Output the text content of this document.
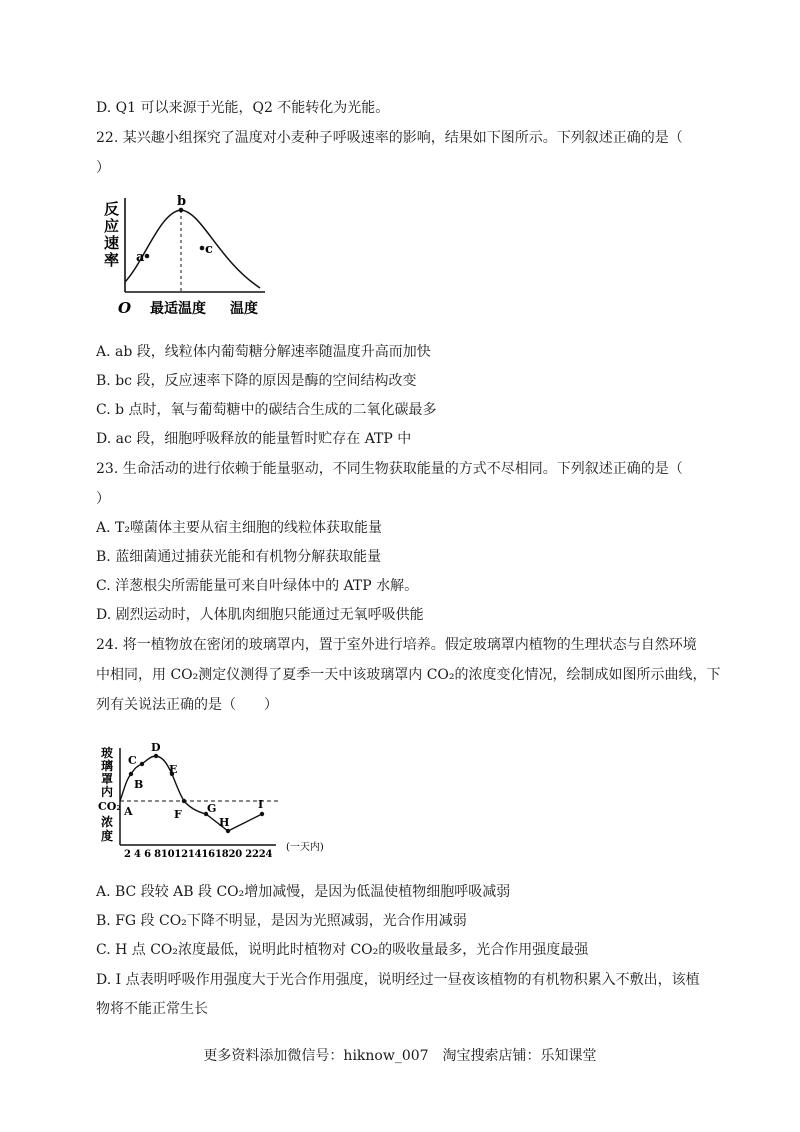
D. Q1 可以来源于光能，Q2 不能转化为光能。
22. 某兴趣小组探究了温度对小麦种子呼吸速率的影响，结果如下图所示。下列叙述正确的是（
）
反
应
速
率 a
b
c
O 最适温度 温度
A. ab 段，线粒体内葡萄糖分解速率随温度升高而加快
B. bc 段，反应速率下降的原因是酶的空间结构改变
C. b 点时，氧与葡萄糖中的碳结合生成的二氧化碳最多
D. ac 段，细胞呼吸释放的能量暂时贮存在 ATP 中
23. 生命活动的进行依赖于能量驱动，不同生物获取能量的方式不尽相同。下列叙述正确的是（
）
A. T₂噬菌体主要从宿主细胞的线粒体获取能量
B. 蓝细菌通过捕获光能和有机物分解获取能量
C. 洋葱根尖所需能量可来自叶绿体中的 ATP 水解。
D. 剧烈运动时，人体肌肉细胞只能通过无氧呼吸供能
24. 将一植物放在密闭的玻璃罩内，置于室外进行培养。假定玻璃罩内植物的生理状态与自然环境
中相同，用 CO₂测定仪测得了夏季一天中该玻璃罩内 CO₂的浓度变化情况，绘制成如图所示曲线，下
列有关说法正确的是（　　）
玻
璃
罩
内
CO₂
浓
度
A
B
C
D
E
F G
H
I
2 4 6 8101214161820 2224
(一天内)
A. BC 段较 AB 段 CO₂增加减慢，是因为低温使植物细胞呼吸减弱
B. FG 段 CO₂下降不明显，是因为光照减弱，光合作用减弱
C. H 点 CO₂浓度最低，说明此时植物对 CO₂的吸收量最多，光合作用强度最强
D. I 点表明呼吸作用强度大于光合作用强度，说明经过一昼夜该植物的有机物积累入不敷出，该植
物将不能正常生长
更多资料添加微信号：hiknow_007　淘宝搜索店铺：乐知课堂
